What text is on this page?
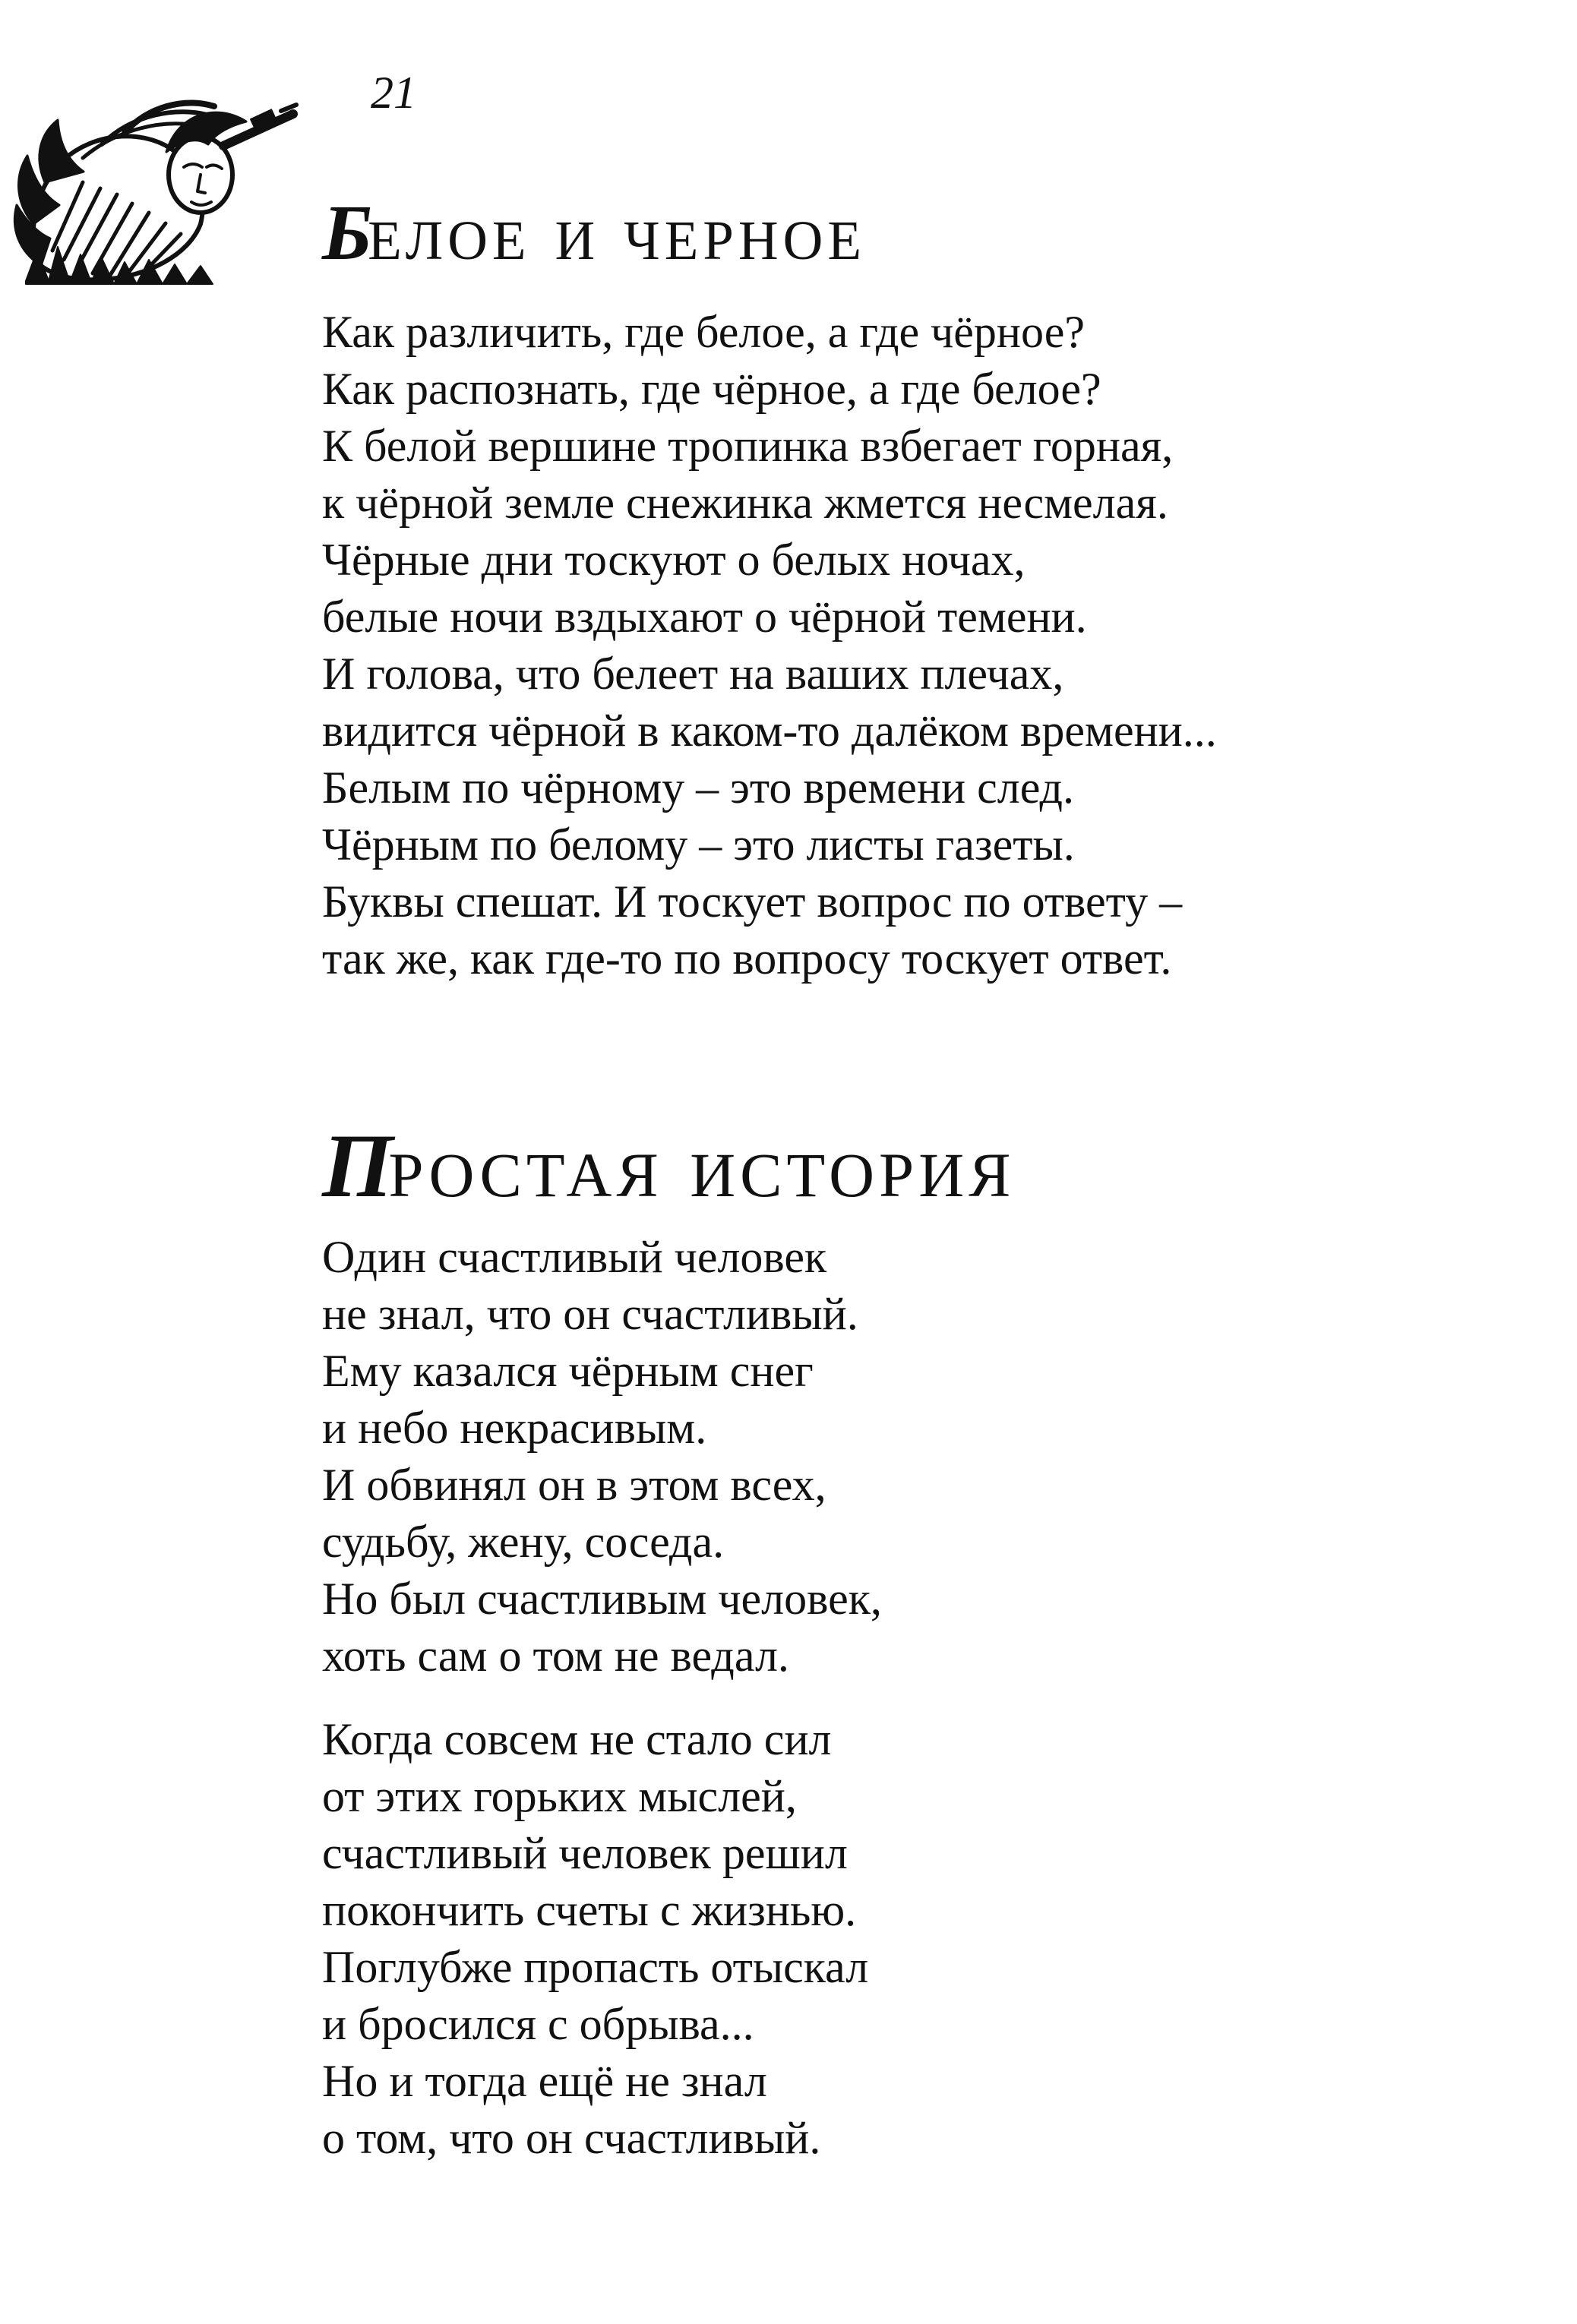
21
Белое и черное
Как различить, где белое, а где чёрное?
Как распознать, где чёрное, а где белое?
К белой вершине тропинка взбегает горная,
к чёрной земле снежинка жмется несмелая.
Чёрные дни тоскуют о белых ночах,
белые ночи вздыхают о чёрной темени.
И голова, что белеет на ваших плечах,
видится чёрной в каком-то далёком времени...
Белым по чёрному – это времени след.
Чёрным по белому – это листы газеты.
Буквы спешат. И тоскует вопрос по ответу –
так же, как где-то по вопросу тоскует ответ.
Простая история
Один счастливый человек
не знал, что он счастливый.
Ему казался чёрным снег
и небо некрасивым.
И обвинял он в этом всех,
судьбу, жену, соседа.
Но был счастливым человек,
хоть сам о том не ведал.
Когда совсем не стало сил
от этих горьких мыслей,
счастливый человек решил
покончить счеты с жизнью.
Поглубже пропасть отыскал
и бросился с обрыва...
Но и тогда ещё не знал
о том, что он счастливый.
